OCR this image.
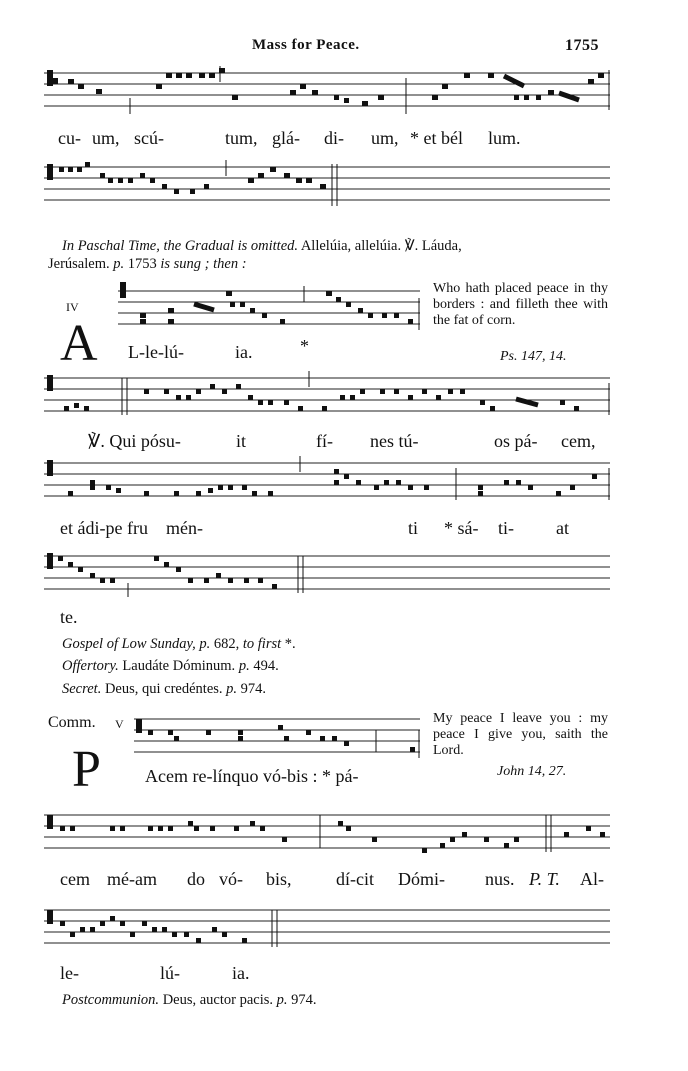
Mass for Peace.	1755
cu- um, scú-	tum, glá- di- um, * et bél lum.
In Paschal Time, the Gradual is omitted. Allelúia, allelúia. ℣. Láuda,
Jerúsalem. p. 1753 is sung ; then :
IV
A L-le-lú-	ia.	*
Who hath placed peace in thy borders : and filleth thee with the fat of corn.
Ps. 147, 14.
℣. Qui pósu-	it	fí- nes tú-	os pá- cem,
et ádi-pe fru mén-	ti * sá- ti- at
te.
Gospel of Low Sunday, p. 682, to first *.
Offertory. Laudáte Dóminum. p. 494.
Secret. Deus, qui credéntes. p. 974.
Comm. V
P Acem re-línquo vó-bis : * pá-
My peace I leave you : my peace I give you, saith the Lord.
John 14, 27.
cem mé-am do vó- bis, dí-cit Dómi- nus. P. T. Al-
le-	lú-	ia.
Postcommunion. Deus, auctor pacis. p. 974.
